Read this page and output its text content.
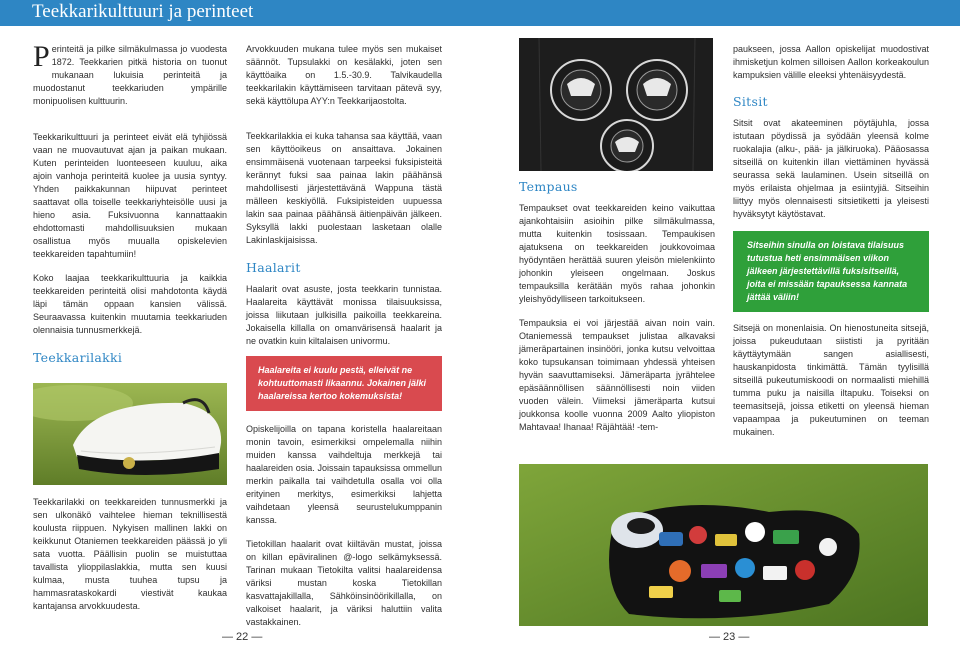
Teekkarikulttuuri ja perinteet

Perinteitä ja pilke silmäkulmassa jo vuodesta 1872. Teekkarien pitkä historia on tuonut mukanaan lukuisia perinteitä ja muodostanut teekkariuden ympärille monipuolisen kulttuurin.

Teekkarikulttuuri ja perinteet eivät elä tyhjiössä vaan ne muovautuvat ajan ja paikan mukaan. Kuten perinteiden luonteeseen kuuluu, aika ajoin vanhoja perinteitä kuolee ja uusia syntyy. Yhden paikkakunnan hiipuvat perinteet saattavat olla toiselle teekkariyhteisölle uusi ja hieno asia. Fuksivuonna kannattaakin ehdottomasti mahdollisuuksien mukaan osallistua myös muualla opiskelevien teekkareiden tapahtumiin!

Koko laajaa teekkarikulttuuria ja kaikkia teekkareiden perinteitä olisi mahdotonta käydä läpi tämän oppaan kansien välissä. Seuraavassa kuitenkin muutamia teekkariuden olennaisia tunnusmerkkejä.

Teekkarilakki

Teekkarilakki on teekkareiden tunnusmerkki ja sen ulkonäkö vaihtelee hieman teknillisestä koulusta riippuen. Nykyisen mallinen lakki on keikkunut Otaniemen teekkareiden päässä jo yli sata vuotta. Päällisin puolin se muistuttaa tavallista ylioppilaslakkia, mutta sen kuusi kulmaa, musta tuuhea tupsu ja hammasrataskokardi viestivät kaukaa kantajansa arvokkuudesta.

Arvokkuuden mukana tulee myös sen mukaiset säännöt. Tupsulakki on kesälakki, joten sen käyttöaika on 1.5.-30.9. Talvikaudella teekkarilakin käyttämiseen tarvitaan pätevä syy, sekä käyttölupa AYY:n Teekkarijaostolta.

Teekkarilakkia ei kuka tahansa saa käyttää, vaan sen käyttöoikeus on ansaittava. Jokainen ensimmäisenä vuotenaan tarpeeksi fuksipisteitä kerännyt fuksi saa painaa lakin päähänsä mahdollisesti järjestettävänä Wappuna tästä mälleen keskiyöllä. Fuksipisteiden uupuessa lakin saa painaa päähänsä äitienpäivän jälkeen. Syksyllä lakki puolestaan lasketaan olalle Lakinlaskijaisissa.

Haalarit

Haalarit ovat asuste, josta teekkarin tunnistaa. Haalareita käyttävät monissa tilaisuuksissa, joissa liikutaan julkisilla paikoilla teekkareina. Jokaisella killalla on omanvärisensä haalarit ja ne ovatkin kuin kiltalaisen univormu.

Haalareita ei kuulu pestä, elleivät ne kohtuuttomasti likaannu. Jokainen jälki haalareissa kertoo kokemuksista!

Opiskelijoilla on tapana koristella haalareitaan monin tavoin, esimerkiksi ompelemalla niihin muiden kanssa vaihdeltuja merkkejä tai haalareiden osia. Joissain tapauksissa ommellun merkin paikalla tai vaihdetulla osalla voi olla erityinen merkitys, esimerkiksi lahjetta vaihdetaan yleensä seurustelukumppanin kanssa.

Tietokillan haalarit ovat kiiltävän mustat, joissa on killan epäviralinen @-logo selkämyksessä. Tarinan mukaan Tietokilta valitsi haalareidensa väriksi mustan koska Tietokillan kasvattajakillalla, Sähköinsinöörikillalla, on valkoiset haalarit, ja väriksi haluttiin valita vastakkainen.

Tempaus

Tempaukset ovat teekkareiden keino vaikuttaa ajankohtaisiin asioihin pilke silmäkulmassa, mutta kuitenkin tosissaan. Tempaukisen ajatuksena on teekkareiden joukkovoimaa hyödyntäen herättää suuren yleisön mielenkiinto johonkin yleiseen ongelmaan. Joskus tempauksilla kerätään myös rahaa johonkin yleishyödylliseen tarkoitukseen.

Tempauksia ei voi järjestää aivan noin vain. Otaniemessä tempaukset julistaa alkavaksi jämeräpartainen insinööri, jonka kutsu velvoittaa koko tupsukansan toimimaan yhdessä yhteisen hyvän saavuttamiseksi. Jämeräparta jyrähtelee epäsäännöllisen säännöllisesti noin viiden vuoden välein. Viimeksi jämeräparta kutsui joukkonsa koolle vuonna 2009 Aalto yliopiston Mahtavaa! Ihanaa! Räjähtää! -tem-

paukseen, jossa Aallon opiskelijat muodostivat ihmisketjun kolmen silloisen Aallon korkeakoulun kampuksien välille eleeksi yhtenäisyydestä.

Sitsit

Sitsit ovat akateeminen pöytäjuhla, jossa istutaan pöydissä ja syödään yleensä kolme ruokalajia (alku-, pää- ja jälkiruoka). Pääosassa sitseillä on kuitenkin illan viettäminen hyvässä seurassa sekä laulaminen. Usein sitseillä on myös erilaista ohjelmaa ja esiintyjiä. Sitseihin liittyy myös olennaisesti sitsietiketti ja yleisesti hyväksytyt käytöstavat.

Sitseihin sinulla on loistava tilaisuus tutustua heti ensimmäisen viikon jälkeen järjestettävillä fuksisitseillä, joita ei missään tapauksessa kannata jättää väliin!

Sitsejä on monenlaisia. On hienostuneita sitsejä, joissa pukeudutaan siististi ja pyritään käyttäytymään sangen asiallisesti, hauskanpidosta tinkimättä. Tämän tyylisillä sitseillä pukeutumiskoodi on normaalisti miehillä tumma puku ja naisilla iltapuku. Toiseksi on teemasitsejä, joissa etiketti on yleensä hieman vapaampaa ja pukeutuminen on teeman mukainen.

— 22 —	— 23 —
